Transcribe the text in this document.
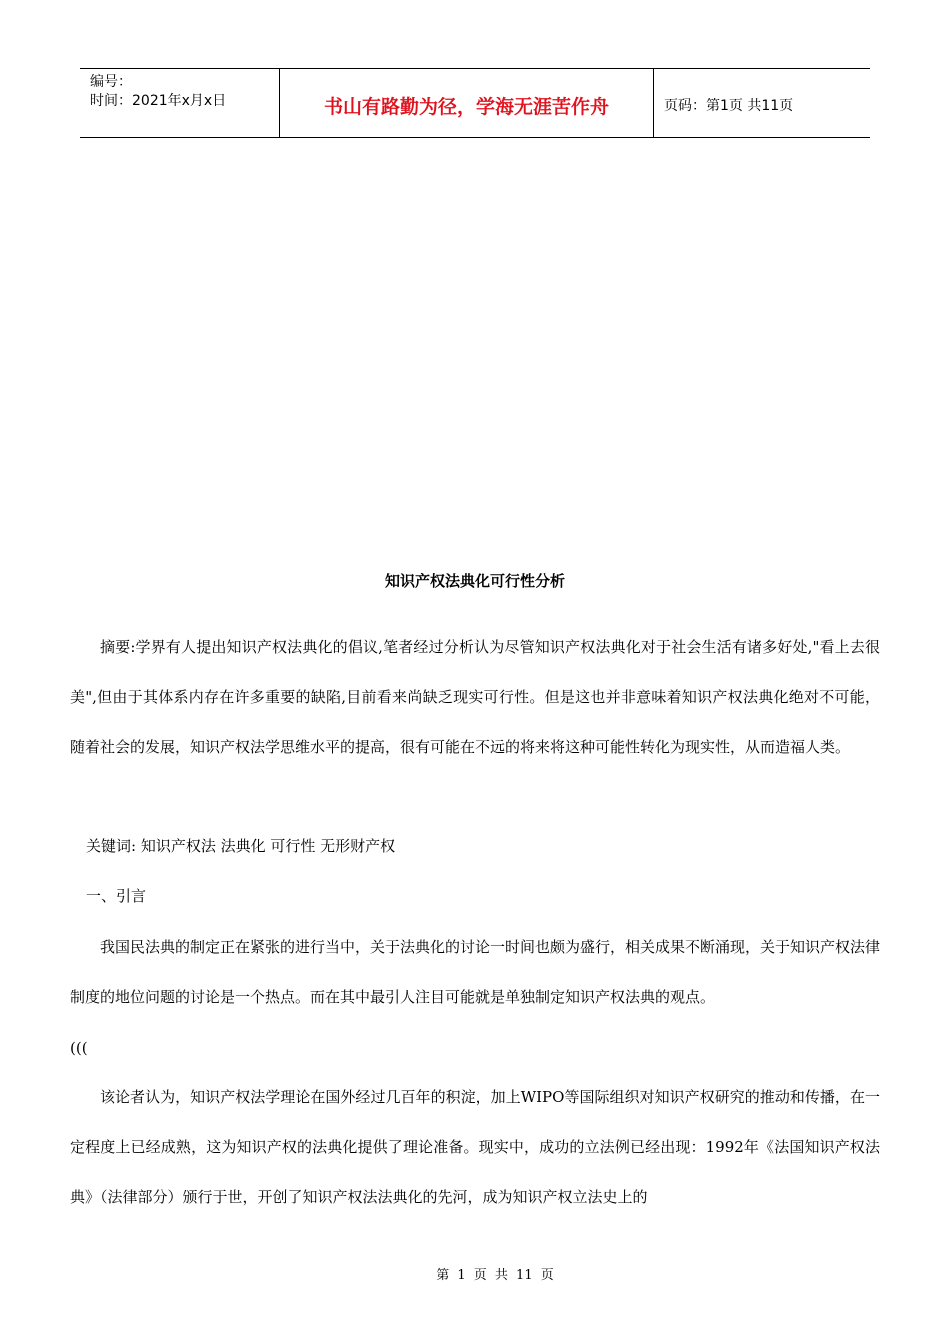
编号：
时间：2021年x月x日	书山有路勤为径，学海无涯苦作舟	页码：第1页 共11页
知识产权法典化可行性分析

摘要:学界有人提出知识产权法典化的倡议,笔者经过分析认为尽管知识产权法典化对于社会生活有诸多好处,"看上去很美",但由于其体系内存在许多重要的缺陷,目前看来尚缺乏现实可行性。但是这也并非意味着知识产权法典化绝对不可能，随着社会的发展，知识产权法学思维水平的提高，很有可能在不远的将来将这种可能性转化为现实性，从而造福人类。

关键词: 知识产权法 法典化 可行性 无形财产权

一、引言

我国民法典的制定正在紧张的进行当中，关于法典化的讨论一时间也颇为盛行，相关成果不断涌现，关于知识产权法律制度的地位问题的讨论是一个热点。而在其中最引人注目可能就是单独制定知识产权法典的观点。

(((

该论者认为，知识产权法学理论在国外经过几百年的积淀，加上WIPO等国际组织对知识产权研究的推动和传播，在一定程度上已经成熟，这为知识产权的法典化提供了理论准备。现实中，成功的立法例已经出现：1992年《法国知识产权法典》（法律部分）颁行于世，开创了知识产权法法典化的先河，成为知识产权立法史上的

第 1 页 共 11 页
